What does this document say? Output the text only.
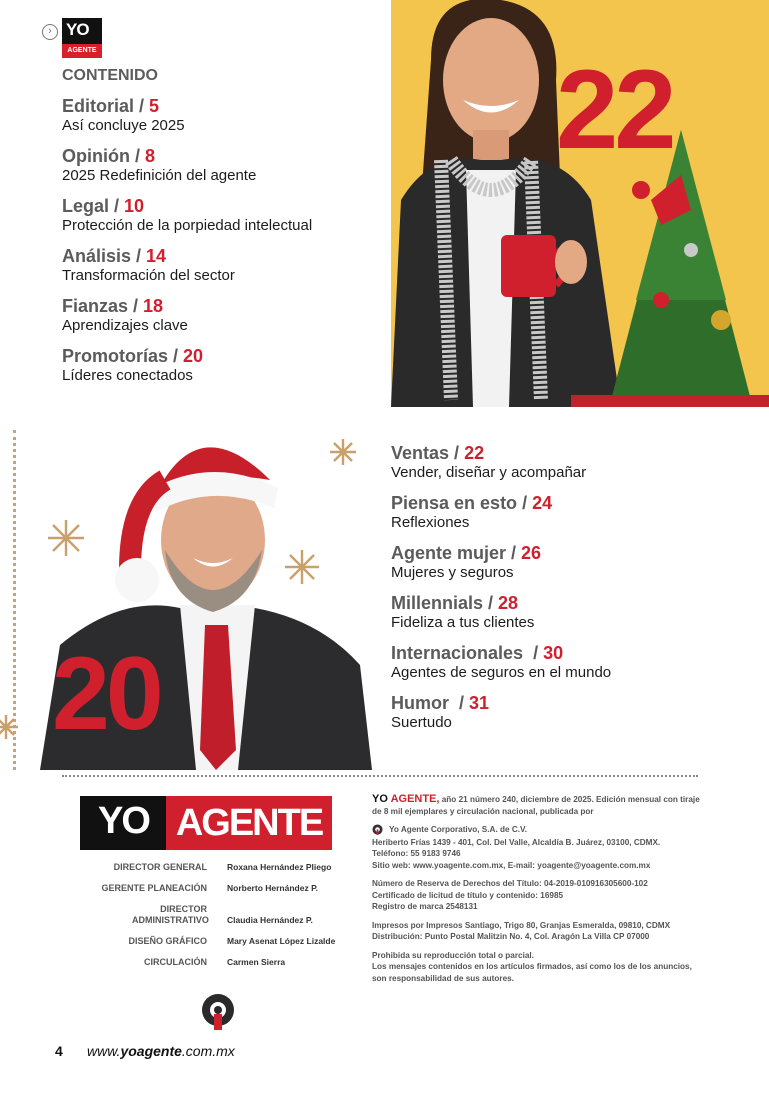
› YO
AGENTE
CONTENIDO
Editorial / 5
Así concluye 2025
Opinión / 8
2025 Redefinición del agente
Legal / 10
Protección de la porpiedad intelectual
Análisis / 14
Transformación del sector
Fianzas / 18
Aprendizajes clave
Promotorías / 20
Líderes conectados
22
20
Ventas / 22
Vender, diseñar y acompañar
Piensa en esto / 24
Reflexiones
Agente mujer / 26
Mujeres y seguros
Millennials / 28
Fideliza a tus clientes
Internacionales / 30
Agentes de seguros en el mundo
Humor / 31
Suertudo
YO AGENTE
DIRECTOR GENERAL Roxana Hernández Pliego
GERENTE PLANEACIÓN Norberto Hernández P.
DIRECTOR ADMINISTRATIVO Claudia Hernández P.
DISEÑO GRÁFICO Mary Asenat López Lizalde
CIRCULACIÓN Carmen Sierra

YO AGENTE, año 21 número 240, diciembre de 2025. Edición mensual con tiraje de 8 mil ejemplares y circulación nacional, publicada por

Yo Agente Corporativo, S.A. de C.V.

Heriberto Frías 1439 - 401, Col. Del Valle, Alcaldía B. Juárez, 03100, CDMX.
Teléfono: 55 9183 9746
Sitio web: www.yoagente.com.mx, E-mail: yoagente@yoagente.com.mx

Número de Reserva de Derechos del Título: 04-2019-010916305600-102
Certificado de licitud de título y contenido: 16985
Registro de marca 2548131

Impresos por Impresos Santiago, Trigo 80, Granjas Esmeralda, 09810, CDMX
Distribución: Punto Postal Malitzin No. 4, Col. Aragón La Villa CP 07000

Prohibida su reproducción total o parcial.
Los mensajes contenidos en los artículos firmados, así como los de los anuncios, son responsabilidad de sus autores.

4 www.yoagente.com.mx
